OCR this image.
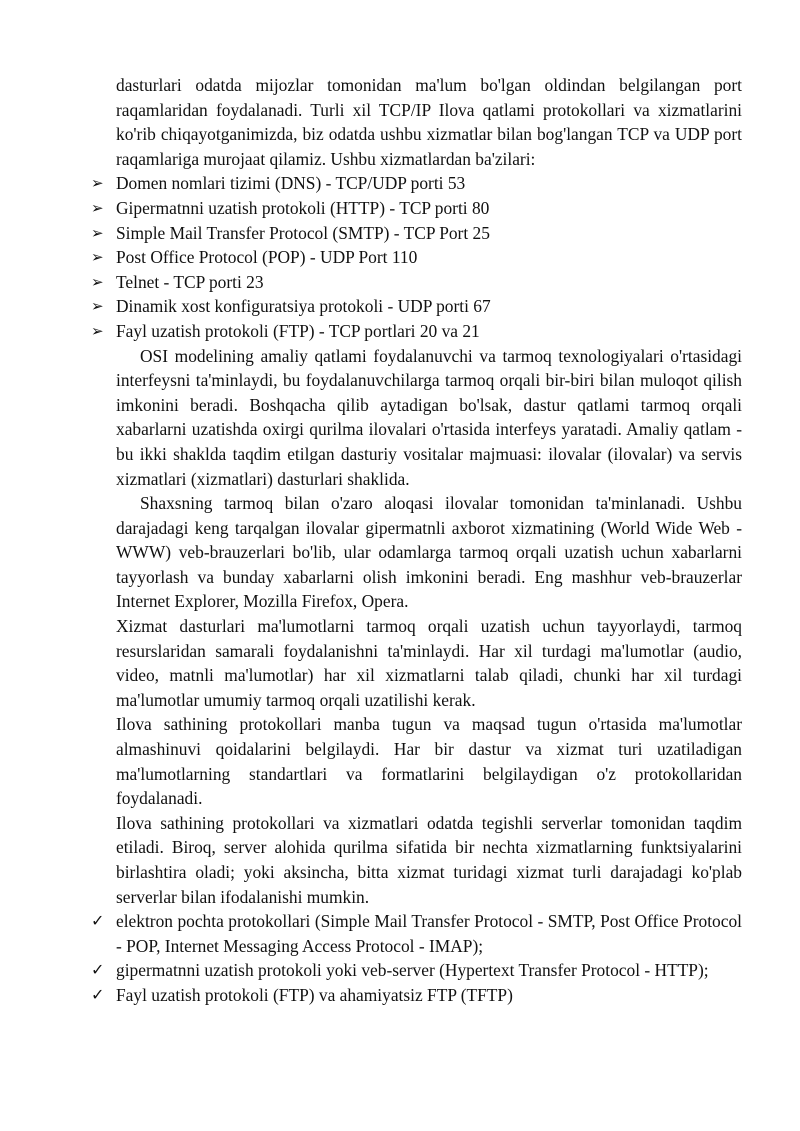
dasturlari odatda mijozlar tomonidan ma'lum bo'lgan oldindan belgilangan port raqamlaridan foydalanadi. Turli xil TCP/IP Ilova qatlami protokollari va xizmatlarini ko'rib chiqayotganimizda, biz odatda ushbu xizmatlar bilan bog'langan TCP va UDP port raqamlariga murojaat qilamiz. Ushbu xizmatlardan ba'zilari:

➢ Domen nomlari tizimi (DNS) - TCP/UDP porti 53
➢ Gipermatnni uzatish protokoli (HTTP) - TCP porti 80
➢ Simple Mail Transfer Protocol (SMTP) - TCP Port 25
➢ Post Office Protocol (POP) - UDP Port 110
➢ Telnet - TCP porti 23
➢ Dinamik xost konfiguratsiya protokoli - UDP porti 67
➢ Fayl uzatish protokoli (FTP) - TCP portlari 20 va 21

OSI modelining amaliy qatlami foydalanuvchi va tarmoq texnologiyalari o'rtasidagi interfeysni ta'minlaydi, bu foydalanuvchilarga tarmoq orqali bir-biri bilan muloqot qilish imkonini beradi. Boshqacha qilib aytadigan bo'lsak, dastur qatlami tarmoq orqali xabarlarni uzatishda oxirgi qurilma ilovalari o'rtasida interfeys yaratadi. Amaliy qatlam - bu ikki shaklda taqdim etilgan dasturiy vositalar majmuasi: ilovalar (ilovalar) va servis xizmatlari (xizmatlari) dasturlari shaklida.

Shaxsning tarmoq bilan o'zaro aloqasi ilovalar tomonidan ta'minlanadi. Ushbu darajadagi keng tarqalgan ilovalar gipermatnli axborot xizmatining (World Wide Web - WWW) veb-brauzerlari bo'lib, ular odamlarga tarmoq orqali uzatish uchun xabarlarni tayyorlash va bunday xabarlarni olish imkonini beradi. Eng mashhur veb-brauzerlar Internet Explorer, Mozilla Firefox, Opera.

Xizmat dasturlari ma'lumotlarni tarmoq orqali uzatish uchun tayyorlaydi, tarmoq resurslaridan samarali foydalanishni ta'minlaydi. Har xil turdagi ma'lumotlar (audio, video, matnli ma'lumotlar) har xil xizmatlarni talab qiladi, chunki har xil turdagi ma'lumotlar umumiy tarmoq orqali uzatilishi kerak.

Ilova sathining protokollari manba tugun va maqsad tugun o'rtasida ma'lumotlar almashinuvi qoidalarini belgilaydi. Har bir dastur va xizmat turi uzatiladigan ma'lumotlarning standartlari va formatlarini belgilaydigan o'z protokollaridan foydalanadi.

Ilova sathining protokollari va xizmatlari odatda tegishli serverlar tomonidan taqdim etiladi. Biroq, server alohida qurilma sifatida bir nechta xizmatlarning funktsiyalarini birlashtira oladi; yoki aksincha, bitta xizmat turidagi xizmat turli darajadagi ko'plab serverlar bilan ifodalanishi mumkin.

✓ elektron pochta protokollari (Simple Mail Transfer Protocol - SMTP, Post Office Protocol - POP, Internet Messaging Access Protocol - IMAP);
✓ gipermatnni uzatish protokoli yoki veb-server (Hypertext Transfer Protocol - HTTP);
✓ Fayl uzatish protokoli (FTP) va ahamiyatsiz FTP (TFTP)
